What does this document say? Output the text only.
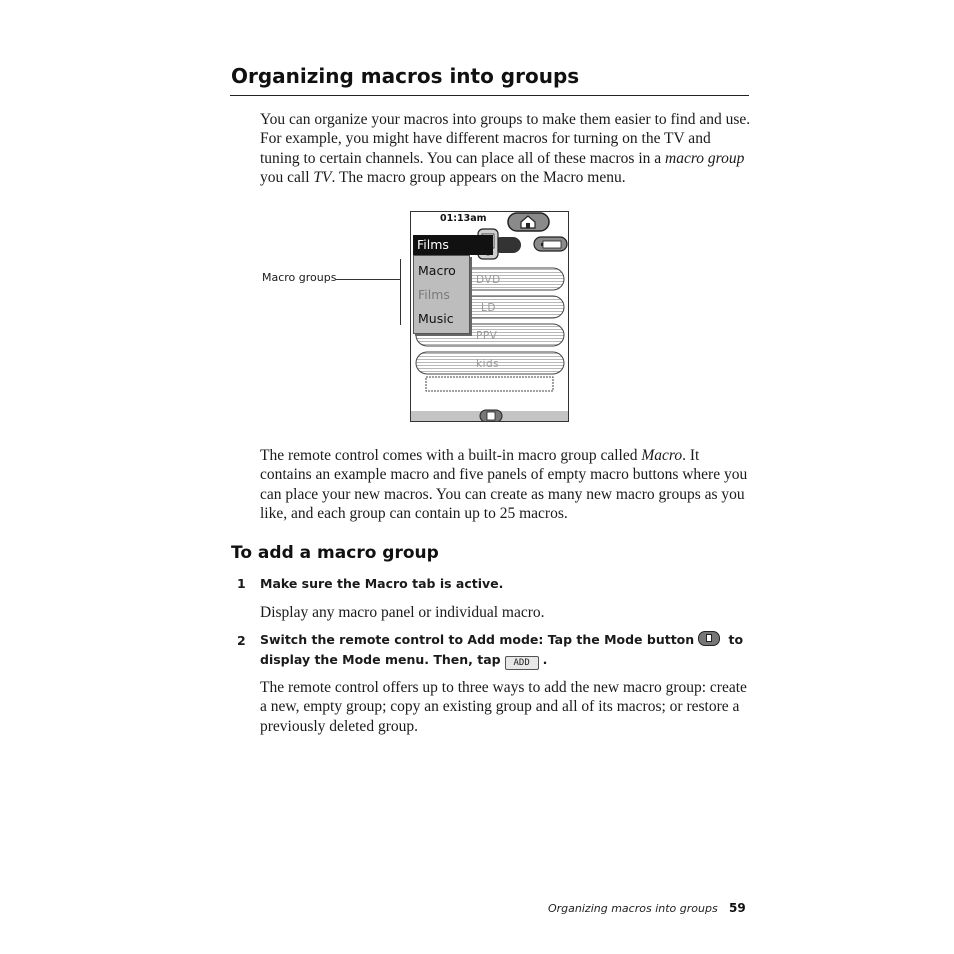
Organizing macros into groups

You can organize your macros into groups to make them easier to find and use. For example, you might have different macros for turning on the TV and tuning to certain channels. You can place all of these macros in a macro group you call TV. The macro group appears on the Macro menu.

Macro groups
01:13am
Films
DVD
LD
PPV
kids
Macro
Films
Music

The remote control comes with a built-in macro group called Macro. It contains an example macro and five panels of empty macro buttons where you can place your new macros. You can create as many new macro groups as you like, and each group can contain up to 25 macros.

To add a macro group
1 Make sure the Macro tab is active.

Display any macro panel or individual macro.

2 Switch the remote control to Add mode: Tap the Mode button	to display the Mode menu. Then, tap ADD .

The remote control offers up to three ways to add the new macro group: create a new, empty group; copy an existing group and all of its macros; or restore a previously deleted group.

Organizing macros into groups 59
